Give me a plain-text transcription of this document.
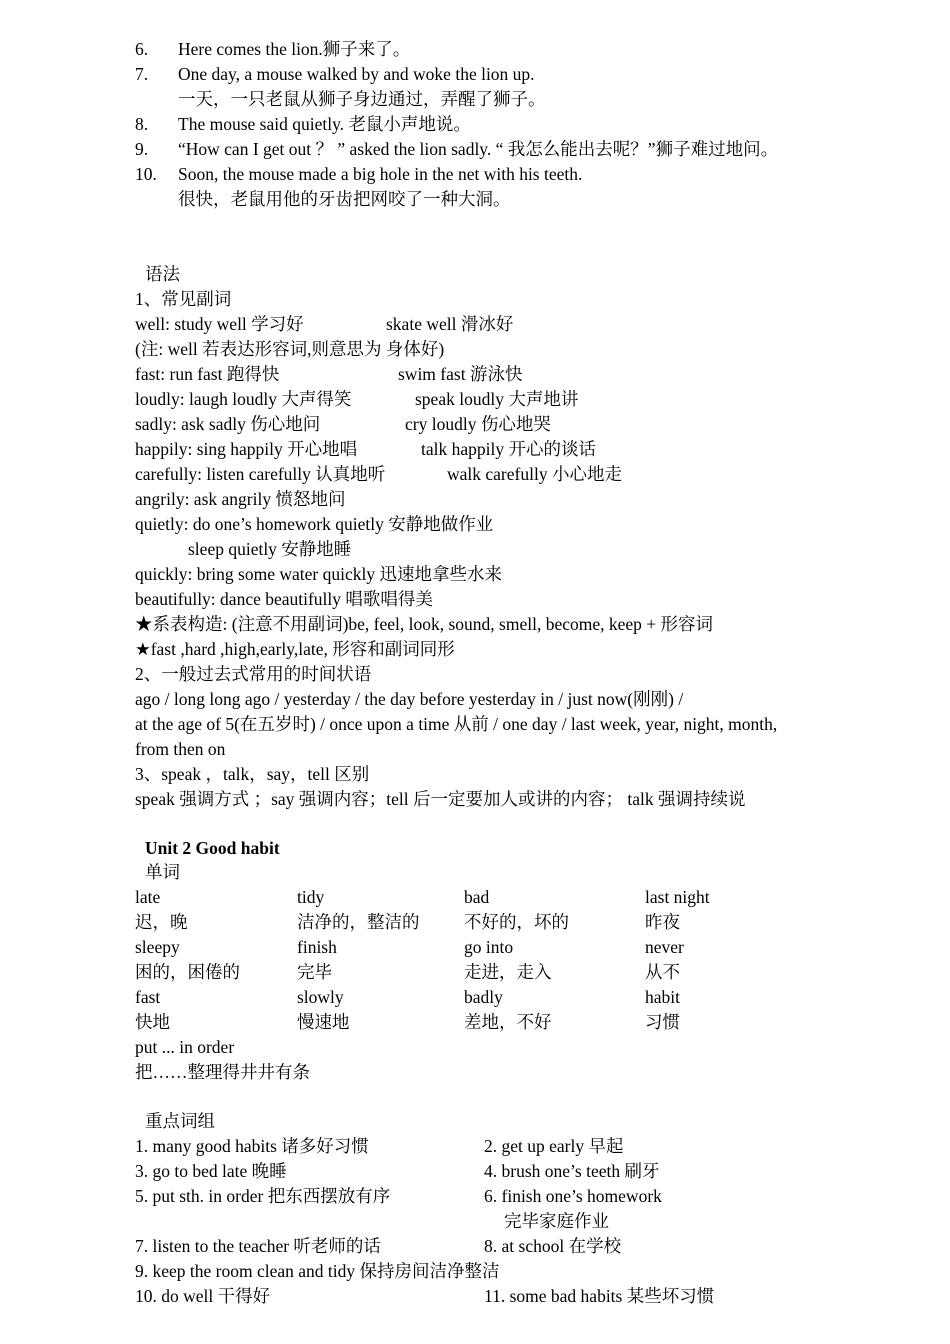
6. Here comes the lion.狮子来了。
7. One day, a mouse walked by and woke the lion up.
一天，一只老鼠从狮子身边通过，弄醒了狮子。
8. The mouse said quietly. 老鼠小声地说。
9. “How can I get out ？ ” asked the lion sadly. “ 我怎么能出去呢？”狮子难过地问。
10. Soon, the mouse made a big hole in the net with his teeth.
很快，老鼠用他的牙齿把网咬了一种大洞。
语法
1、常见副词
well: study well 学习好	skate well 滑冰好
(注: well 若表达形容词,则意思为 身体好)
fast: run fast 跑得快	swim fast 游泳快
loudly: laugh loudly 大声得笑	speak loudly 大声地讲
sadly: ask sadly 伤心地问	cry loudly 伤心地哭
happily: sing happily 开心地唱	talk happily 开心的谈话
carefully: listen carefully 认真地听	walk carefully 小心地走
angrily: ask angrily 愤怒地问
quietly: do one’s homework quietly 安静地做作业
sleep quietly 安静地睡
quickly: bring some water quickly 迅速地拿些水来
beautifully: dance beautifully 唱歌唱得美
★系表构造: (注意不用副词)be, feel, look, sound, smell, become, keep + 形容词
★fast ,hard ,high,early,late, 形容和副词同形
2、一般过去式常用的时间状语
ago / long long ago / yesterday / the day before yesterday in / just now(刚刚) /
at the age of 5(在五岁时) / once upon a time 从前 / one day / last week, year, night, month,
from then on
3、speak ，talk，say，tell 区别
speak 强调方式 ；say 强调内容；tell 后一定要加人或讲的内容； talk 强调持续说
Unit 2 Good habit
单词
late	tidy	bad	last night
迟，晚	洁净的，整洁的	不好的，坏的	昨夜
sleepy	finish	go into	never
困的，困倦的	完毕	走进，走入	从不
fast	slowly	badly	habit
快地	慢速地	差地，不好	习惯
put ... in order
把……整理得井井有条
重点词组
1. many good habits 诸多好习惯	2. get up early 早起
3. go to bed late 晚睡	4. brush one’s teeth 刷牙
5. put sth. in order 把东西摆放有序	6. finish one’s homework
完毕家庭作业
7. listen to the teacher 听老师的话	8. at school 在学校
9. keep the room clean and tidy 保持房间洁净整洁
10. do well 干得好	11. some bad habits 某些坏习惯
